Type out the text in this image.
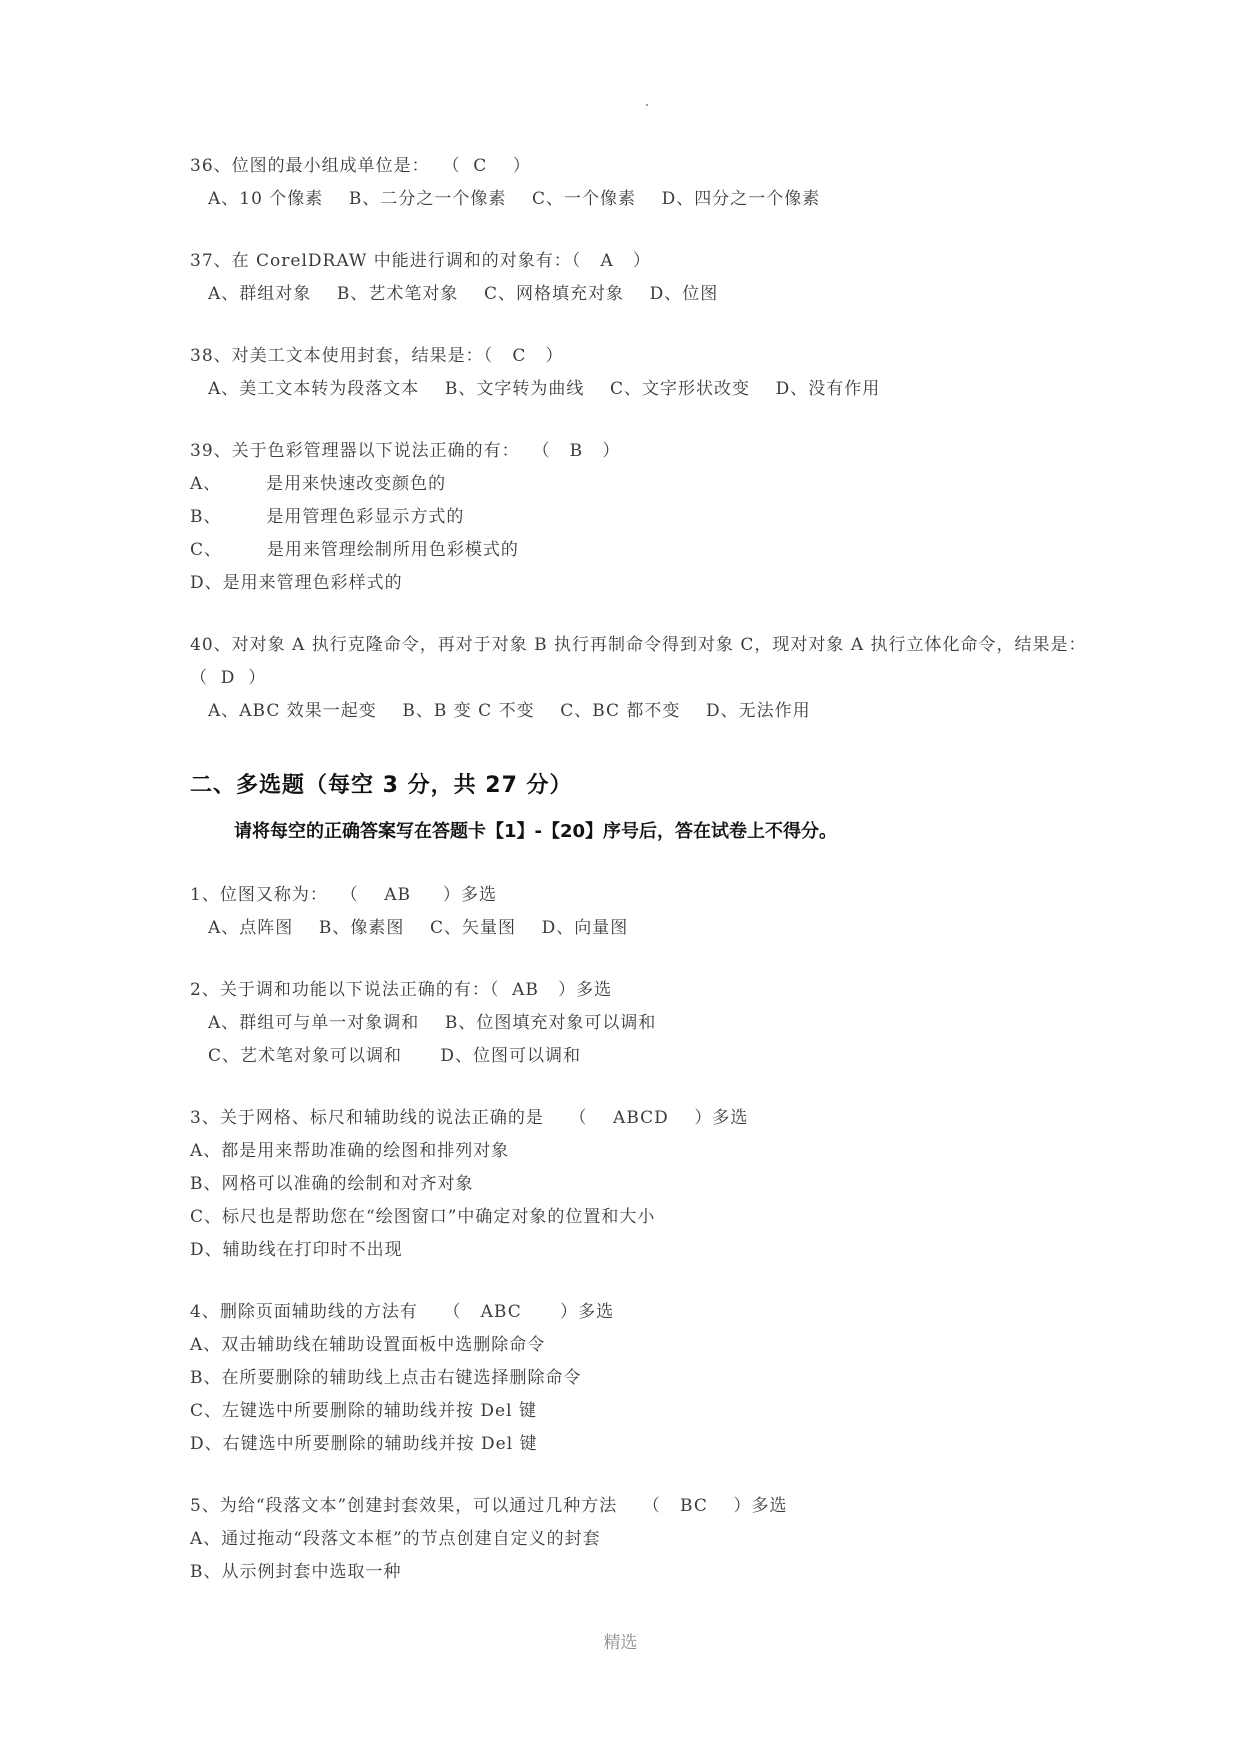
36、位图的最小组成单位是：  （  C    ）
A、10 个像素    B、二分之一个像素    C、一个像素    D、四分之一个像素
37、在 CorelDRAW 中能进行调和的对象有：（   A   ）
A、群组对象    B、艺术笔对象    C、网格填充对象    D、位图
38、对美工文本使用封套，结果是：（   C   ）
A、美工文本转为段落文本    B、文字转为曲线    C、文字形状改变    D、没有作用
39、关于色彩管理器以下说法正确的有：  （   B   ）
A、       是用来快速改变颜色的
B、       是用管理色彩显示方式的
C、       是用来管理绘制所用色彩模式的
D、是用来管理色彩样式的
40、对对象 A 执行克隆命令，再对于对象 B 执行再制命令得到对象 C，现对对象 A 执行立体化命令，结果是：
（  D  ）
A、ABC 效果一起变    B、B 变 C 不变    C、BC 都不变    D、无法作用
二、多选题（每空 3 分，共 27 分）
请将每空的正确答案写在答题卡【1】-【20】序号后，答在试卷上不得分。
1、位图又称为：  （    AB     ）多选
A、点阵图    B、像素图    C、矢量图    D、向量图
2、关于调和功能以下说法正确的有：（  AB   ）多选
A、群组可与单一对象调和    B、位图填充对象可以调和
C、艺术笔对象可以调和      D、位图可以调和
3、关于网格、标尺和辅助线的说法正确的是    （    ABCD    ）多选
A、都是用来帮助准确的绘图和排列对象
B、网格可以准确的绘制和对齐对象
C、标尺也是帮助您在“绘图窗口”中确定对象的位置和大小
D、辅助线在打印时不出现
4、删除页面辅助线的方法有    （   ABC      ）多选
A、双击辅助线在辅助设置面板中选删除命令
B、在所要删除的辅助线上点击右键选择删除命令
C、左键选中所要删除的辅助线并按 Del 键
D、右键选中所要删除的辅助线并按 Del 键
5、为给“段落文本”创建封套效果，可以通过几种方法    （   BC    ）多选
A、通过拖动“段落文本框”的节点创建自定义的封套
B、从示例封套中选取一种
精选
